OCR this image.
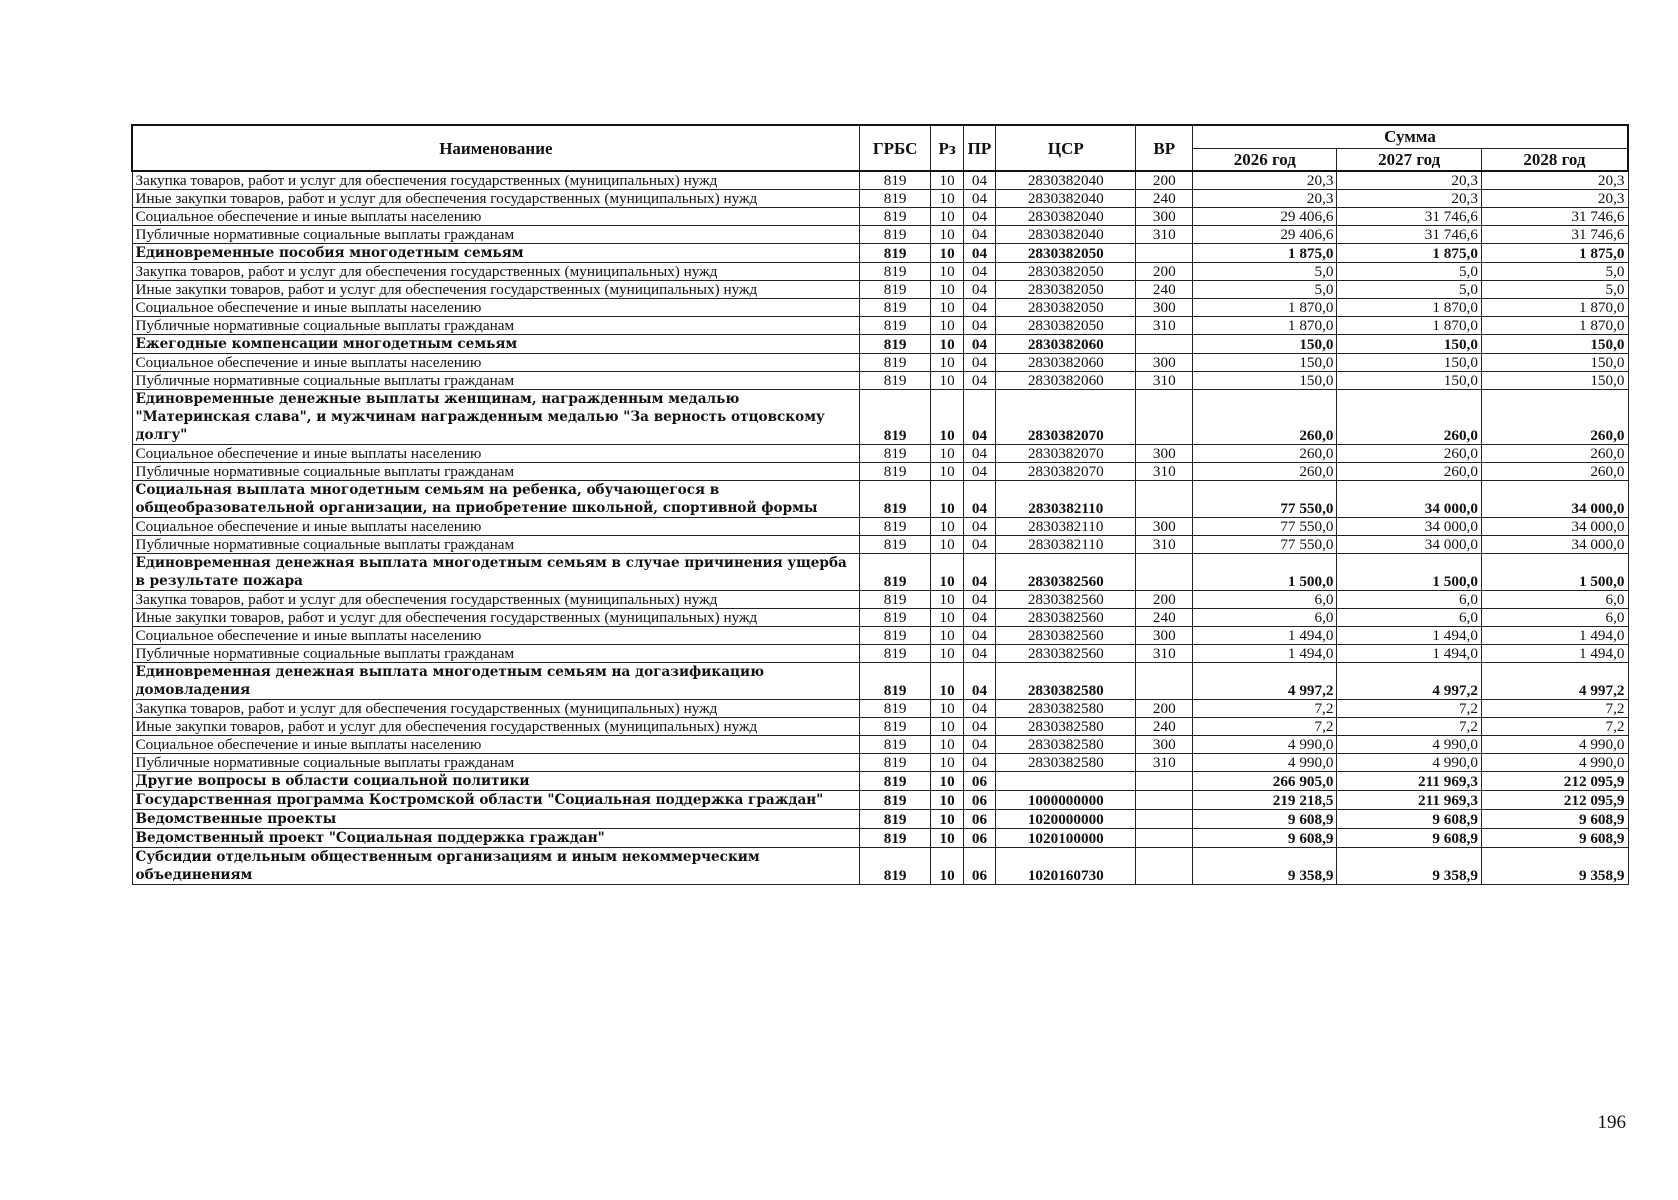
Наименование	ГРБС	Рз	ПР	ЦСР	ВР	Сумма		
						2026 год	2027 год	2028 год
Закупка товаров, работ и услуг для обеспечения государственных (муниципальных) нужд	819	10	04	2830382040	200	20,3	20,3	20,3
Иные закупки товаров, работ и услуг для обеспечения государственных (муниципальных) нужд	819	10	04	2830382040	240	20,3	20,3	20,3
Социальное обеспечение и иные выплаты населению	819	10	04	2830382040	300	29 406,6	31 746,6	31 746,6
Публичные нормативные социальные выплаты гражданам	819	10	04	2830382040	310	29 406,6	31 746,6	31 746,6
Единовременные пособия многодетным семьям	819	10	04	2830382050		1 875,0	1 875,0	1 875,0
Закупка товаров, работ и услуг для обеспечения государственных (муниципальных) нужд	819	10	04	2830382050	200	5,0	5,0	5,0
Иные закупки товаров, работ и услуг для обеспечения государственных (муниципальных) нужд	819	10	04	2830382050	240	5,0	5,0	5,0
Социальное обеспечение и иные выплаты населению	819	10	04	2830382050	300	1 870,0	1 870,0	1 870,0
Публичные нормативные социальные выплаты гражданам	819	10	04	2830382050	310	1 870,0	1 870,0	1 870,0
Ежегодные компенсации многодетным семьям	819	10	04	2830382060		150,0	150,0	150,0
Социальное обеспечение и иные выплаты населению	819	10	04	2830382060	300	150,0	150,0	150,0
Публичные нормативные социальные выплаты гражданам	819	10	04	2830382060	310	150,0	150,0	150,0
Единовременные денежные выплаты женщинам, награжденным медалью "Материнская слава", и мужчинам награжденным медалью "За верность отцовскому долгу"	819	10	04	2830382070		260,0	260,0	260,0
Социальное обеспечение и иные выплаты населению	819	10	04	2830382070	300	260,0	260,0	260,0
Публичные нормативные социальные выплаты гражданам	819	10	04	2830382070	310	260,0	260,0	260,0
Социальная выплата многодетным семьям на ребенка, обучающегося в общеобразовательной организации, на приобретение школьной, спортивной формы	819	10	04	2830382110		77 550,0	34 000,0	34 000,0
Социальное обеспечение и иные выплаты населению	819	10	04	2830382110	300	77 550,0	34 000,0	34 000,0
Публичные нормативные социальные выплаты гражданам	819	10	04	2830382110	310	77 550,0	34 000,0	34 000,0
Единовременная денежная выплата многодетным семьям в случае причинения ущерба в результате пожара	819	10	04	2830382560		1 500,0	1 500,0	1 500,0
Закупка товаров, работ и услуг для обеспечения государственных (муниципальных) нужд	819	10	04	2830382560	200	6,0	6,0	6,0
Иные закупки товаров, работ и услуг для обеспечения государственных (муниципальных) нужд	819	10	04	2830382560	240	6,0	6,0	6,0
Социальное обеспечение и иные выплаты населению	819	10	04	2830382560	300	1 494,0	1 494,0	1 494,0
Публичные нормативные социальные выплаты гражданам	819	10	04	2830382560	310	1 494,0	1 494,0	1 494,0
Единовременная денежная выплата многодетным семьям на догазификацию домовладения	819	10	04	2830382580		4 997,2	4 997,2	4 997,2
Закупка товаров, работ и услуг для обеспечения государственных (муниципальных) нужд	819	10	04	2830382580	200	7,2	7,2	7,2
Иные закупки товаров, работ и услуг для обеспечения государственных (муниципальных) нужд	819	10	04	2830382580	240	7,2	7,2	7,2
Социальное обеспечение и иные выплаты населению	819	10	04	2830382580	300	4 990,0	4 990,0	4 990,0
Публичные нормативные социальные выплаты гражданам	819	10	04	2830382580	310	4 990,0	4 990,0	4 990,0
Другие вопросы в области социальной политики	819	10	06			266 905,0	211 969,3	212 095,9
Государственная программа Костромской области "Социальная поддержка граждан"	819	10	06	1000000000		219 218,5	211 969,3	212 095,9
Ведомственные проекты	819	10	06	1020000000		9 608,9	9 608,9	9 608,9
Ведомственный проект "Социальная поддержка граждан"	819	10	06	1020100000		9 608,9	9 608,9	9 608,9
Субсидии отдельным общественным организациям и иным некоммерческим объединениям	819	10	06	1020160730		9 358,9	9 358,9	9 358,9
196
